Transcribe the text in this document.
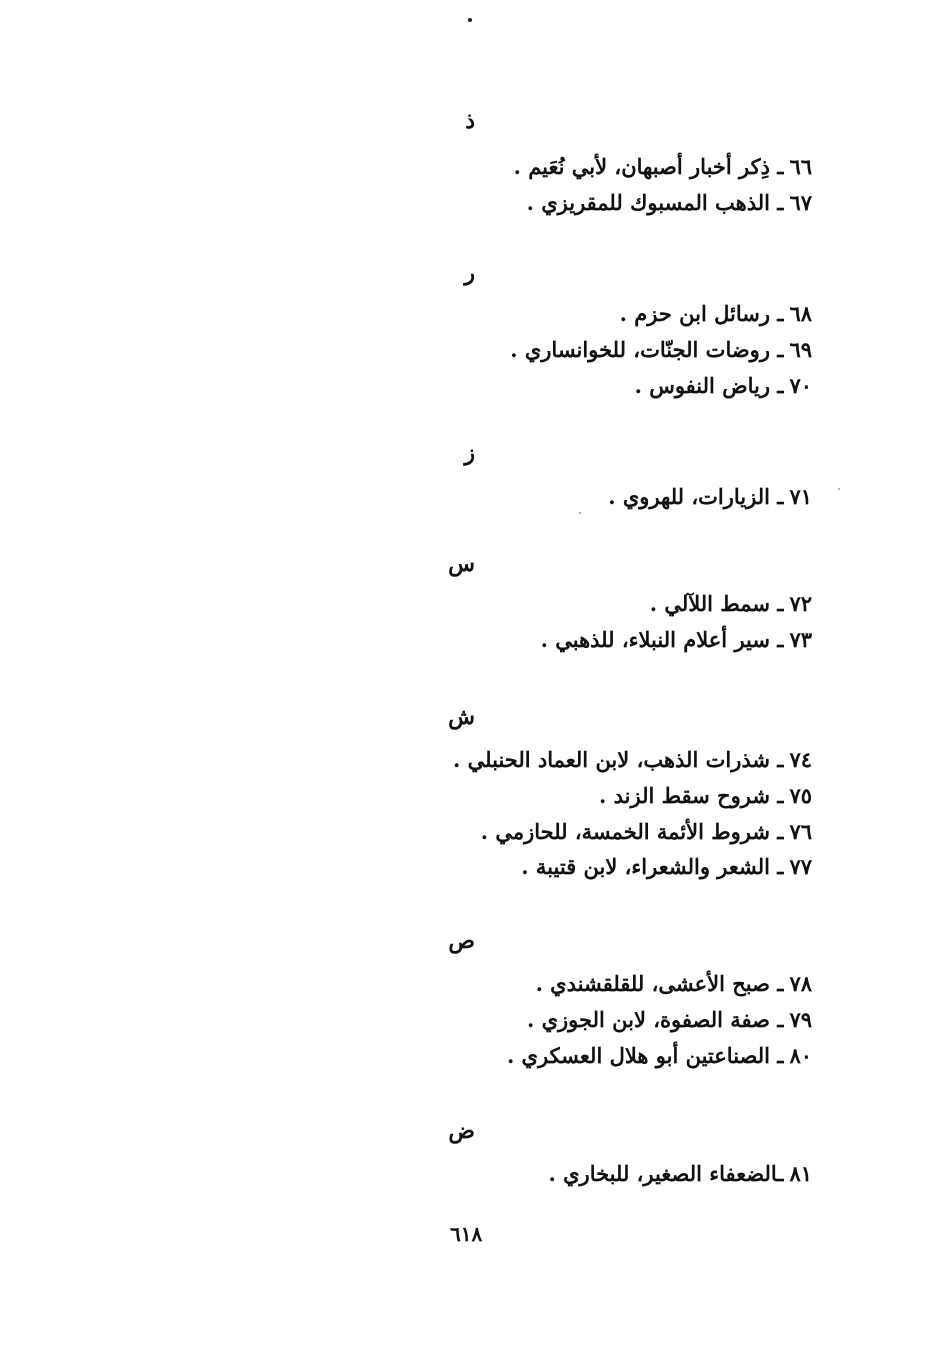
ذ
٦٦ـ ذِكر أخبار أصبهان، لأبي نُعَيم .
٦٧ـ الذهب المسبوك للمقريزي .
ر
٦٨ـ رسائل ابن حزم .
٦٩ـ روضات الجنّات، للخوانساري .
٧٠ـ رياض النفوس .
ز
٧١ـ الزيارات، للهروي .
س
٧٢ـ سمط اللآلي .
٧٣ـ سير أعلام النبلاء، للذهبي .
ش
٧٤ـ شذرات الذهب، لابن العماد الحنبلي .
٧٥ـ شروح سقط الزند .
٧٦ـ شروط الأئمة الخمسة، للحازمي .
٧٧ـ الشعر والشعراء، لابن قتيبة .
ص
٧٨ـ صبح الأعشى، للقلقشندي .
٧٩ـ صفة الصفوة، لابن الجوزي .
٨٠ـ الصناعتين أبو هلال العسكري .
ض
٨١ـالضعفاء الصغير، للبخاري .
٦١٨
